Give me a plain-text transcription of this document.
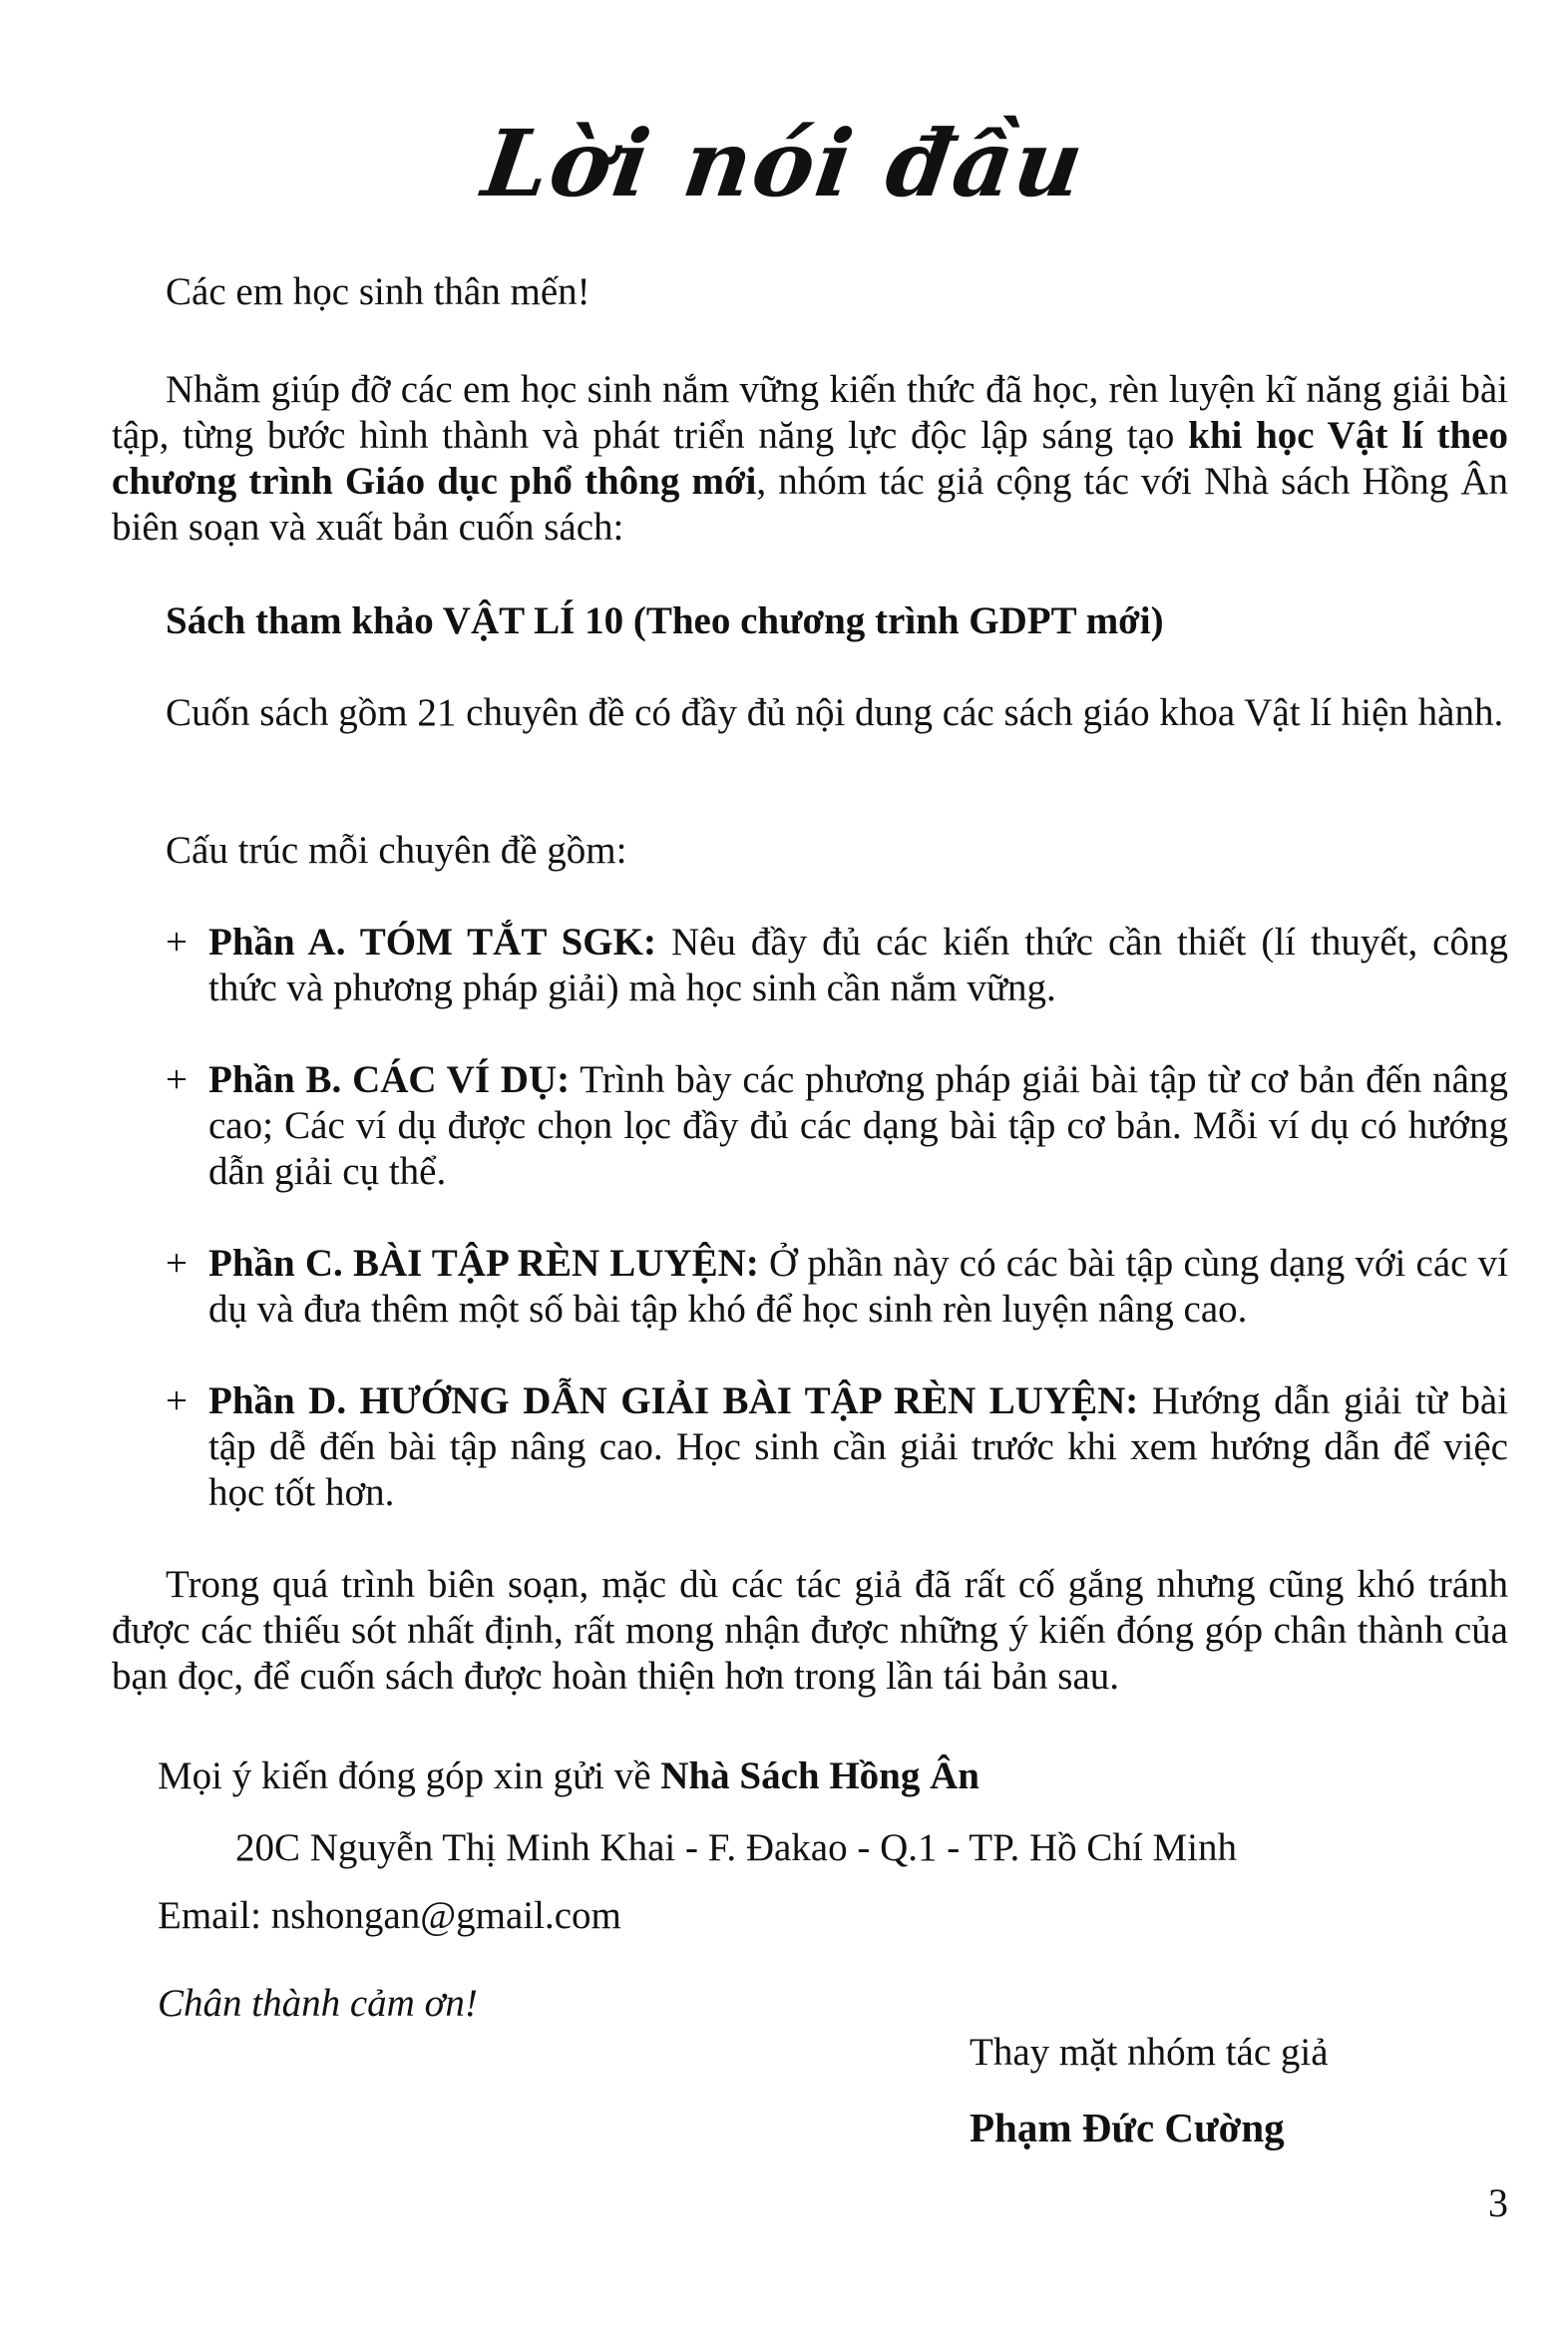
Lời nói đầu
Các em học sinh thân mến!
Nhằm giúp đỡ các em học sinh nắm vững kiến thức đã học, rèn luyện kĩ năng giải bài tập, từng bước hình thành và phát triển năng lực độc lập sáng tạo khi học Vật lí theo chương trình Giáo dục phổ thông mới, nhóm tác giả cộng tác với Nhà sách Hồng Ân biên soạn và xuất bản cuốn sách:
Sách tham khảo VẬT LÍ 10 (Theo chương trình GDPT mới)
Cuốn sách gồm 21 chuyên đề có đầy đủ nội dung các sách giáo khoa Vật lí hiện hành.
Cấu trúc mỗi chuyên đề gồm:
+ Phần A. TÓM TẮT SGK: Nêu đầy đủ các kiến thức cần thiết (lí thuyết, công thức và phương pháp giải) mà học sinh cần nắm vững.
+ Phần B. CÁC VÍ DỤ: Trình bày các phương pháp giải bài tập từ cơ bản đến nâng cao; Các ví dụ được chọn lọc đầy đủ các dạng bài tập cơ bản. Mỗi ví dụ có hướng dẫn giải cụ thể.
+ Phần C. BÀI TẬP RÈN LUYỆN: Ở phần này có các bài tập cùng dạng với các ví dụ và đưa thêm một số bài tập khó để học sinh rèn luyện nâng cao.
+ Phần D. HƯỚNG DẪN GIẢI BÀI TẬP RÈN LUYỆN: Hướng dẫn giải từ bài tập dễ đến bài tập nâng cao. Học sinh cần giải trước khi xem hướng dẫn để việc học tốt hơn.
Trong quá trình biên soạn, mặc dù các tác giả đã rất cố gắng nhưng cũng khó tránh được các thiếu sót nhất định, rất mong nhận được những ý kiến đóng góp chân thành của bạn đọc, để cuốn sách được hoàn thiện hơn trong lần tái bản sau.
Mọi ý kiến đóng góp xin gửi về Nhà Sách Hồng Ân
20C Nguyễn Thị Minh Khai - F. Đakao - Q.1 - TP. Hồ Chí Minh
Email: nshongan@gmail.com
Chân thành cảm ơn!
Thay mặt nhóm tác giả
Phạm Đức Cường
3
